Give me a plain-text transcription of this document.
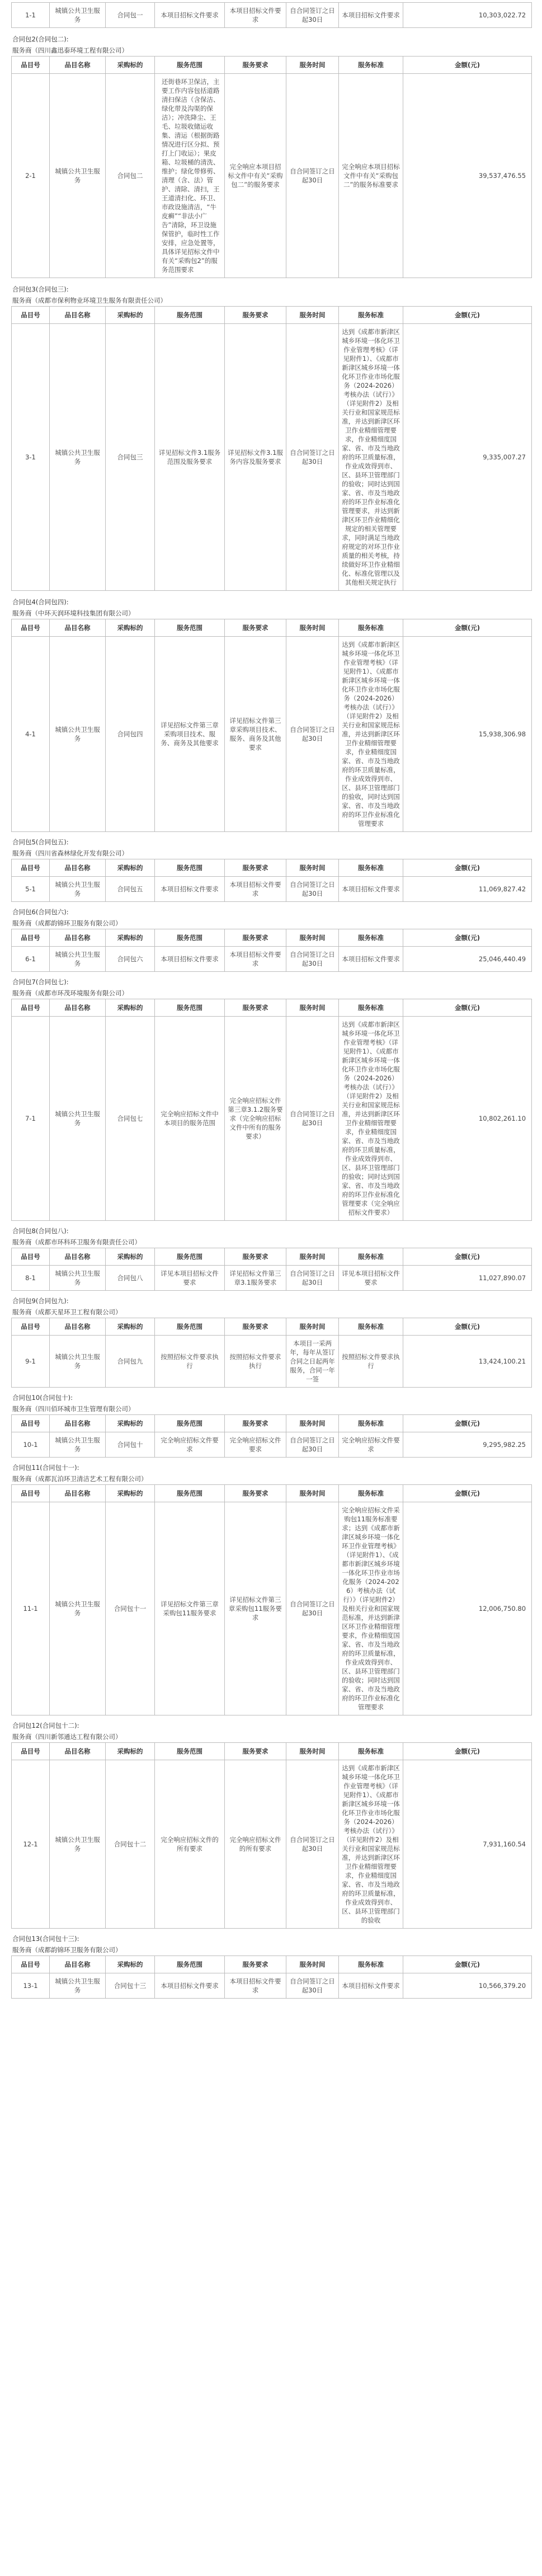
1-1	城镇公共卫生服务	合同包一	本项目招标文件要求	本项目招标文件要求	自合同签订之日起30日	本项目招标文件要求	10,303,022.72
合同包2(合同包二):
服务商（四川鑫迅泰环境工程有限公司）
品目号	品目名称	采购标的	服务范围	服务要求	服务时间	服务标准	金额(元)
2-1	城镇公共卫生服务	合同包二	还街巷环卫保洁，主要工作内容包括道路清扫保洁（含保洁、绿化带及沟渠的保洁）；冲洗降尘、王毛、垃圾收储运收集、清运（根据街路情况进行区分拟、预打上门收运）；果皮箱、垃圾桶的清洗、维护；绿化带修剪、清理（含、法）管护、清除、清扫，王王道清扫化、环卫、市政设施清洁，“牛皮癣”“非法小广告”清除，环卫设施保管护，临时性工作安排，应急处置等，具体详见招标文件中有关“采购包2”的服务范围要求	完全响应本项目招标文件中有关“采购包二”的服务要求	自合同签订之日起30日	完全响应本项目招标文件中有关“采购包二”的服务标准要求	39,537,476.55
合同包3(合同包三):
服务商（成都市保利物业环境卫生服务有限责任公司）
品目号	品目名称	采购标的	服务范围	服务要求	服务时间	服务标准	金额(元)
3-1	城镇公共卫生服务	合同包三	详见招标文件3.1服务范围及服务要求	详见招标文件3.1服务内容及服务要求	自合同签订之日起30日	达到《成都市新津区城乡环境一体化环卫作业管理考核》（详见附件1）、《成都市新津区城乡环境一体化环卫作业市场化服务（2024-2026）考核办法（试行）》（详见附件2）及相关行业和国家规范标准，并达到新津区环卫作业精细管理要求，作业精细度国家、省、市及当地政府的环卫质量标准，作业成效得到市、区、县环卫管理部门的验收；同时达到国家、省、市及当地政府的环卫作业标准化管理要求，并达到新津区环卫作业精细化规定的相关管理要求，同时满足当地政府规定的对环卫作业质量的相关考核，持续做好环卫作业精细化、标准化管理以及其他相关规定执行	9,335,007.27
合同包4(合同包四):
服务商（中环天润环境科技集团有限公司）
品目号	品目名称	采购标的	服务范围	服务要求	服务时间	服务标准	金额(元)
4-1	城镇公共卫生服务	合同包四	详见招标文件第三章采购项目技术、服务、商务及其他要求	详见招标文件第三章采购项目技术、服务、商务及其他要求	自合同签订之日起30日	达到《成都市新津区城乡环境一体化环卫作业管理考核》（详见附件1）、《成都市新津区城乡环境一体化环卫作业市场化服务（2024-2026）考核办法（试行）》（详见附件2）及相关行业和国家规范标准，并达到新津区环卫作业精细管理要求，作业精细度国家、省、市及当地政府的环卫质量标准，作业成效得到市、区、县环卫管理部门的验收，同时达到国家、省、市及当地政府的环卫作业标准化管理要求	15,938,306.98
合同包5(合同包五):
服务商（四川省森林绿化开发有限公司）
品目号	品目名称	采购标的	服务范围	服务要求	服务时间	服务标准	金额(元)
5-1	城镇公共卫生服务	合同包五	本项目招标文件要求	本项目招标文件要求	自合同签订之日起30日	本项目招标文件要求	11,069,827.42
合同包6(合同包六):
服务商（成都韵锦环卫服务有限公司）
品目号	品目名称	采购标的	服务范围	服务要求	服务时间	服务标准	金额(元)
6-1	城镇公共卫生服务	合同包六	本项目招标文件要求	本项目招标文件要求	自合同签订之日起30日	本项目招标文件要求	25,046,440.49
合同包7(合同包七):
服务商（成都市环茂环境服务有限公司）
品目号	品目名称	采购标的	服务范围	服务要求	服务时间	服务标准	金额(元)
7-1	城镇公共卫生服务	合同包七	完全响应招标文件中本项目的服务范围	完全响应招标文件第三章3.1.2服务要求（完全响应招标文件中所有的服务要求）	自合同签订之日起30日	达到《成都市新津区城乡环境一体化环卫作业管理考核》（详见附件1）、《成都市新津区城乡环境一体化环卫作业市场化服务（2024-2026）考核办法（试行）》（详见附件2）及相关行业和国家规范标准，并达到新津区环卫作业精细管理要求，作业精细度国家、省、市及当地政府的环卫质量标准，作业成效得到市、区、县环卫管理部门的验收；同时达到国家、省、市及当地政府的环卫作业标准化管理要求（完全响应招标文件要求）	10,802,261.10
合同包8(合同包八):
服务商（成都市环科环卫服务有限责任公司）
品目号	品目名称	采购标的	服务范围	服务要求	服务时间	服务标准	金额(元)
8-1	城镇公共卫生服务	合同包八	详见本项目招标文件要求	详见招标文件第三章3.1服务要求	自合同签订之日起30日	详见本项目招标文件要求	11,027,890.07
合同包9(合同包九):
服务商（成都天星环卫工程有限公司）
品目号	品目名称	采购标的	服务范围	服务要求	服务时间	服务标准	金额(元)
9-1	城镇公共卫生服务	合同包九	按照招标文件要求执行	按照招标文件要求执行	本项目一采两年，每年从签订合同之日起两年服务，合同一年一签	按照招标文件要求执行	13,424,100.21
合同包10(合同包十):
服务商（四川佰环城市卫生管理有限公司）
品目号	品目名称	采购标的	服务范围	服务要求	服务时间	服务标准	金额(元)
10-1	城镇公共卫生服务	合同包十	完全响应招标文件要求	完全响应招标文件要求	自合同签订之日起30日	完全响应招标文件要求	9,295,982.25
合同包11(合同包十一):
服务商（成都瓦泊环卫清洁艺术工程有限公司）
品目号	品目名称	采购标的	服务范围	服务要求	服务时间	服务标准	金额(元)
11-1	城镇公共卫生服务	合同包十一	详见招标文件第三章采购包11服务要求	详见招标文件第三章采购包11服务要求	自合同签订之日起30日	完全响应招标文件采购包11服务标准要求；达到《成都市新津区城乡环境一体化环卫作业管理考核》（详见附件1）、《成都市新津区城乡环境一体化环卫作业市场化服务（2024-2026）考核办法（试行）》（详见附件2）及相关行业和国家规范标准，并达到新津区环卫作业精细管理要求，作业精细度国家、省、市及当地政府的环卫质量标准，作业成效得到市、区、县环卫管理部门的验收；同时达到国家、省、市及当地政府的环卫作业标准化管理要求	12,006,750.80
合同包12(合同包十二):
服务商（四川新邻通达工程有限公司）
品目号	品目名称	采购标的	服务范围	服务要求	服务时间	服务标准	金额(元)
12-1	城镇公共卫生服务	合同包十二	完全响应招标文件的所有要求	完全响应招标文件的所有要求	自合同签订之日起30日	达到《成都市新津区城乡环境一体化环卫作业管理考核》（详见附件1）、《成都市新津区城乡环境一体化环卫作业市场化服务（2024-2026）考核办法（试行）》（详见附件2）及相关行业和国家规范标准，并达到新津区环卫作业精细管理要求，作业精细度国家、省、市及当地政府的环卫质量标准，作业成效得到市、区、县环卫管理部门的验收	7,931,160.54
合同包13(合同包十三):
服务商（成都韵锦环卫服务有限公司）
品目号	品目名称	采购标的	服务范围	服务要求	服务时间	服务标准	金额(元)
13-1	城镇公共卫生服务	合同包十三	本项目招标文件要求	本项目招标文件要求	自合同签订之日起30日	本项目招标文件要求	10,566,379.20
